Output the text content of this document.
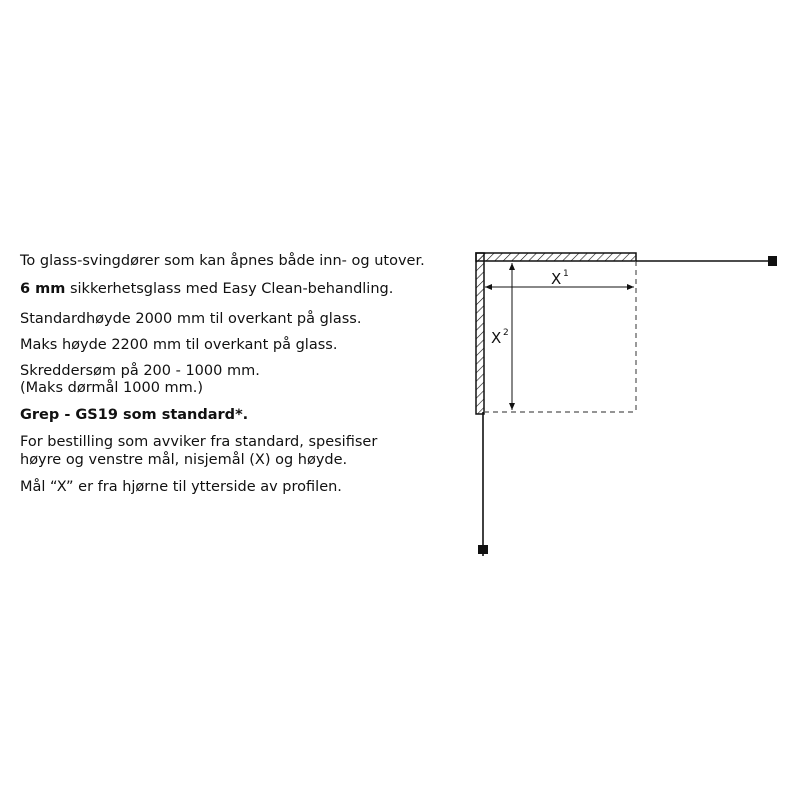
To glass-svingdører som kan åpnes både inn- og utover.
6 mm sikkerhetsglass med Easy Clean-behandling.
Standardhøyde 2000 mm til overkant på glass.
Maks høyde 2200 mm til overkant på glass.
Skreddersøm på 200 - 1000 mm.
(Maks dørmål 1000 mm.)
Grep - GS19 som standard*.
For bestilling som avviker fra standard, spesifiser
høyre og venstre mål, nisjemål (X) og høyde.
Mål “X” er fra hjørne til ytterside av profilen.
X 1
X 2
